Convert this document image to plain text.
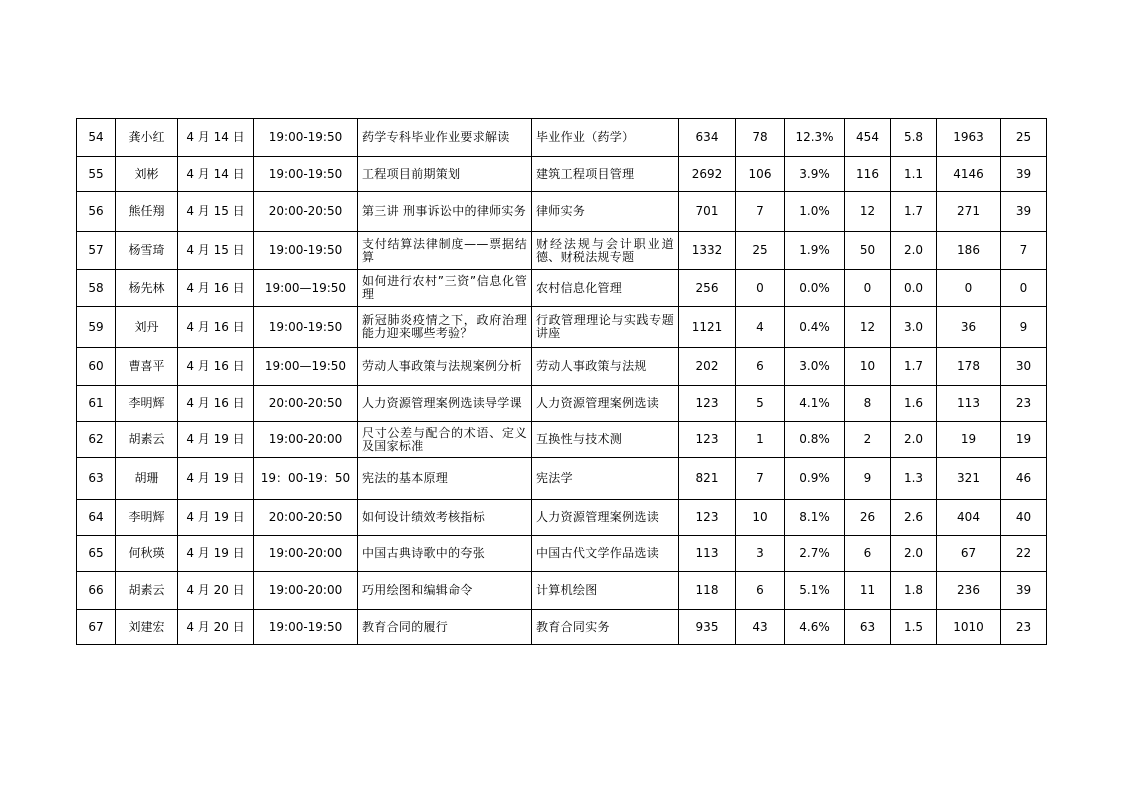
54	龚小红	4 月 14 日	19:00-19:50	药学专科毕业作业要求解读	毕业作业（药学）	634	78	12.3%	454	5.8	1963	25
55	刘彬	4 月 14 日	19:00-19:50	工程项目前期策划	建筑工程项目管理	2692	106	3.9%	116	1.1	4146	39
56	熊任翔	4 月 15 日	20:00-20:50	第三讲 刑事诉讼中的律师实务	律师实务	701	7	1.0%	12	1.7	271	39
57	杨雪琦	4 月 15 日	19:00-19:50	支付结算法律制度——票据结算	财经法规与会计职业道德、财税法规专题	1332	25	1.9%	50	2.0	186	7
58	杨先林	4 月 16 日	19:00—19:50	如何进行农村”三资”信息化管理	农村信息化管理	256	0	0.0%	0	0.0	0	0
59	刘丹	4 月 16 日	19:00-19:50	新冠肺炎疫情之下，政府治理能力迎来哪些考验？	行政管理理论与实践专题讲座	1121	4	0.4%	12	3.0	36	9
60	曹喜平	4 月 16 日	19:00—19:50	劳动人事政策与法规案例分析	劳动人事政策与法规	202	6	3.0%	10	1.7	178	30
61	李明辉	4 月 16 日	20:00-20:50	人力资源管理案例选读导学课	人力资源管理案例选读	123	5	4.1%	8	1.6	113	23
62	胡素云	4 月 19 日	19:00-20:00	尺寸公差与配合的术语、定义及国家标准	互换性与技术测	123	1	0.8%	2	2.0	19	19
63	胡珊	4 月 19 日	19：00-19：50	宪法的基本原理	宪法学	821	7	0.9%	9	1.3	321	46
64	李明辉	4 月 19 日	20:00-20:50	如何设计绩效考核指标	人力资源管理案例选读	123	10	8.1%	26	2.6	404	40
65	何秋瑛	4 月 19 日	19:00-20:00	中国古典诗歌中的夸张	中国古代文学作品选读	113	3	2.7%	6	2.0	67	22
66	胡素云	4 月 20 日	19:00-20:00	巧用绘图和编辑命令	计算机绘图	118	6	5.1%	11	1.8	236	39
67	刘建宏	4 月 20 日	19:00-19:50	教育合同的履行	教育合同实务	935	43	4.6%	63	1.5	1010	23
